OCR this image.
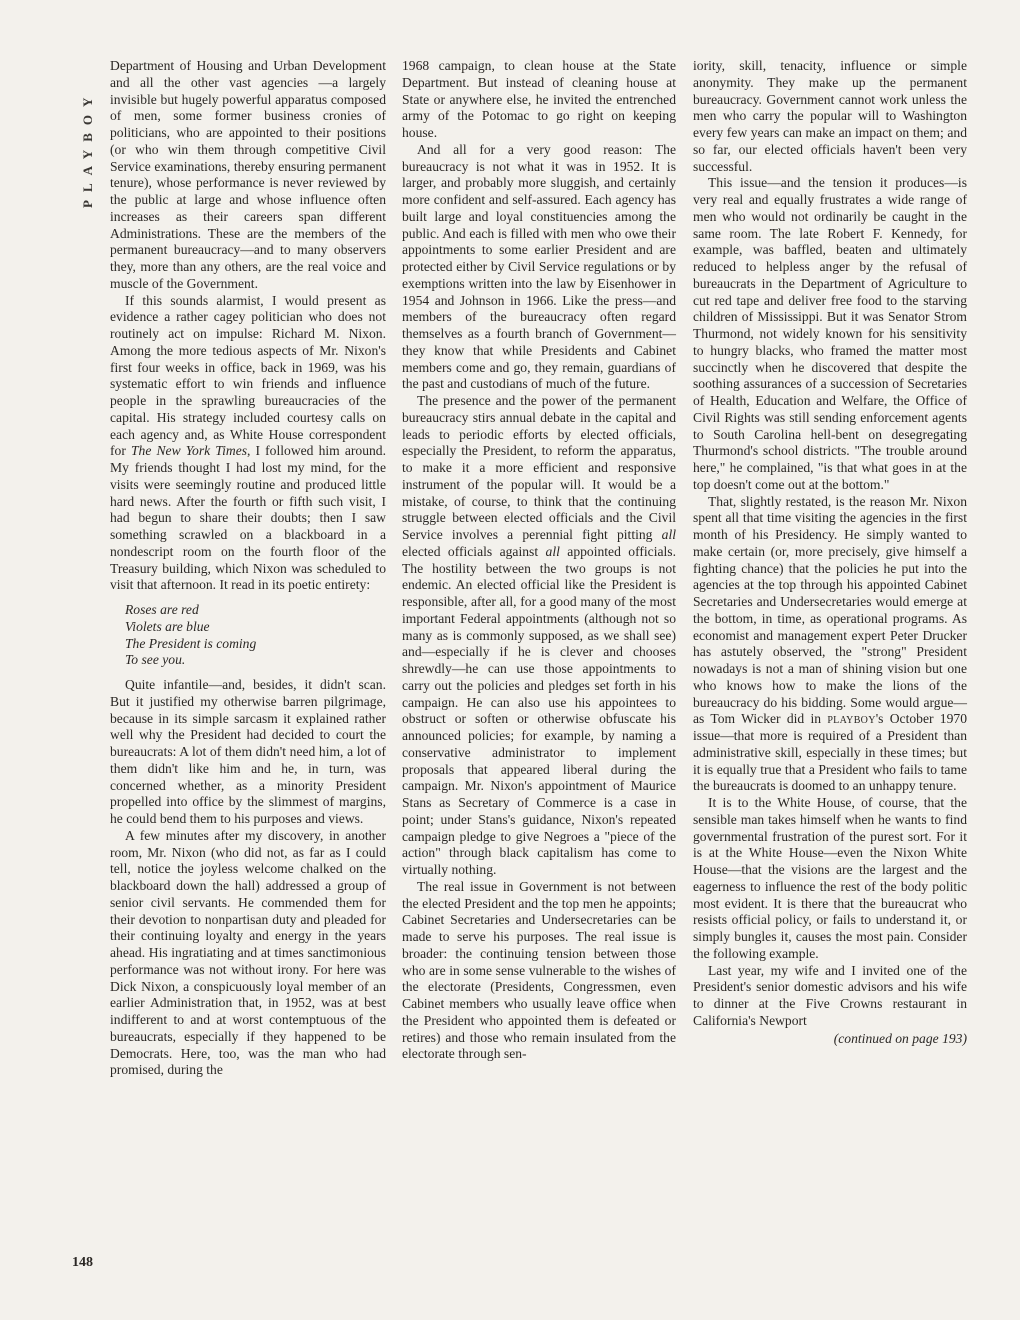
PLAYBOY

Department of Housing and Urban Development and all the other vast agencies —a largely invisible but hugely powerful apparatus composed of men, some former business cronies of politicians, who are appointed to their positions (or who win them through competitive Civil Service examinations, thereby ensuring permanent tenure), whose performance is never reviewed by the public at large and whose influence often increases as their careers span different Administrations. These are the members of the permanent bureaucracy—and to many observers they, more than any others, are the real voice and muscle of the Government.

If this sounds alarmist, I would present as evidence a rather cagey politician who does not routinely act on impulse: Richard M. Nixon. Among the more tedious aspects of Mr. Nixon's first four weeks in office, back in 1969, was his systematic effort to win friends and influence people in the sprawling bureaucracies of the capital. His strategy included courtesy calls on each agency and, as White House correspondent for The New York Times, I followed him around. My friends thought I had lost my mind, for the visits were seemingly routine and produced little hard news. After the fourth or fifth such visit, I had begun to share their doubts; then I saw something scrawled on a blackboard in a nondescript room on the fourth floor of the Treasury building, which Nixon was scheduled to visit that afternoon. It read in its poetic entirety:

Roses are red
Violets are blue
The President is coming
To see you.

Quite infantile—and, besides, it didn't scan. But it justified my otherwise barren pilgrimage, because in its simple sarcasm it explained rather well why the President had decided to court the bureaucrats: A lot of them didn't need him, a lot of them didn't like him and he, in turn, was concerned whether, as a minority President propelled into office by the slimmest of margins, he could bend them to his purposes and views.

A few minutes after my discovery, in another room, Mr. Nixon (who did not, as far as I could tell, notice the joyless welcome chalked on the blackboard down the hall) addressed a group of senior civil servants. He commended them for their devotion to nonpartisan duty and pleaded for their continuing loyalty and energy in the years ahead. His ingratiating and at times sanctimonious performance was not without irony. For here was Dick Nixon, a conspicuously loyal member of an earlier Administration that, in 1952, was at best indifferent to and at worst contemptuous of the bureaucrats, especially if they happened to be Democrats. Here, too, was the man who had promised, during the

1968 campaign, to clean house at the State Department. But instead of cleaning house at State or anywhere else, he invited the entrenched army of the Potomac to go right on keeping house.

And all for a very good reason: The bureaucracy is not what it was in 1952. It is larger, and probably more sluggish, and certainly more confident and self-assured. Each agency has built large and loyal constituencies among the public. And each is filled with men who owe their appointments to some earlier President and are protected either by Civil Service regulations or by exemptions written into the law by Eisenhower in 1954 and Johnson in 1966. Like the press—and members of the bureaucracy often regard themselves as a fourth branch of Government—they know that while Presidents and Cabinet members come and go, they remain, guardians of the past and custodians of much of the future.

The presence and the power of the permanent bureaucracy stirs annual debate in the capital and leads to periodic efforts by elected officials, especially the President, to reform the apparatus, to make it a more efficient and responsive instrument of the popular will. It would be a mistake, of course, to think that the continuing struggle between elected officials and the Civil Service involves a perennial fight pitting all elected officials against all appointed officials. The hostility between the two groups is not endemic. An elected official like the President is responsible, after all, for a good many of the most important Federal appointments (although not so many as is commonly supposed, as we shall see) and—especially if he is clever and chooses shrewdly—he can use those appointments to carry out the policies and pledges set forth in his campaign. He can also use his appointees to obstruct or soften or otherwise obfuscate his announced policies; for example, by naming a conservative administrator to implement proposals that appeared liberal during the campaign. Mr. Nixon's appointment of Maurice Stans as Secretary of Commerce is a case in point; under Stans's guidance, Nixon's repeated campaign pledge to give Negroes a "piece of the action" through black capitalism has come to virtually nothing.

The real issue in Government is not between the elected President and the top men he appoints; Cabinet Secretaries and Undersecretaries can be made to serve his purposes. The real issue is broader: the continuing tension between those who are in some sense vulnerable to the wishes of the electorate (Presidents, Congressmen, even Cabinet members who usually leave office when the President who appointed them is defeated or retires) and those who remain insulated from the electorate through sen-

iority, skill, tenacity, influence or simple anonymity. They make up the permanent bureaucracy. Government cannot work unless the men who carry the popular will to Washington every few years can make an impact on them; and so far, our elected officials haven't been very successful.

This issue—and the tension it produces—is very real and equally frustrates a wide range of men who would not ordinarily be caught in the same room. The late Robert F. Kennedy, for example, was baffled, beaten and ultimately reduced to helpless anger by the refusal of bureaucrats in the Department of Agriculture to cut red tape and deliver free food to the starving children of Mississippi. But it was Senator Strom Thurmond, not widely known for his sensitivity to hungry blacks, who framed the matter most succinctly when he discovered that despite the soothing assurances of a succession of Secretaries of Health, Education and Welfare, the Office of Civil Rights was still sending enforcement agents to South Carolina hell-bent on desegregating Thurmond's school districts. "The trouble around here," he complained, "is that what goes in at the top doesn't come out at the bottom."

That, slightly restated, is the reason Mr. Nixon spent all that time visiting the agencies in the first month of his Presidency. He simply wanted to make certain (or, more precisely, give himself a fighting chance) that the policies he put into the agencies at the top through his appointed Cabinet Secretaries and Undersecretaries would emerge at the bottom, in time, as operational programs. As economist and management expert Peter Drucker has astutely observed, the "strong" President nowadays is not a man of shining vision but one who knows how to make the lions of the bureaucracy do his bidding. Some would argue—as Tom Wicker did in playboy's October 1970 issue—that more is required of a President than administrative skill, especially in these times; but it is equally true that a President who fails to tame the bureaucrats is doomed to an unhappy tenure.

It is to the White House, of course, that the sensible man takes himself when he wants to find governmental frustration of the purest sort. For it is at the White House—even the Nixon White House—that the visions are the largest and the eagerness to influence the rest of the body politic most evident. It is there that the bureaucrat who resists official policy, or fails to understand it, or simply bungles it, causes the most pain. Consider the following example.

Last year, my wife and I invited one of the President's senior domestic advisors and his wife to dinner at the Five Crowns restaurant in California's Newport

(continued on page 193)
148
